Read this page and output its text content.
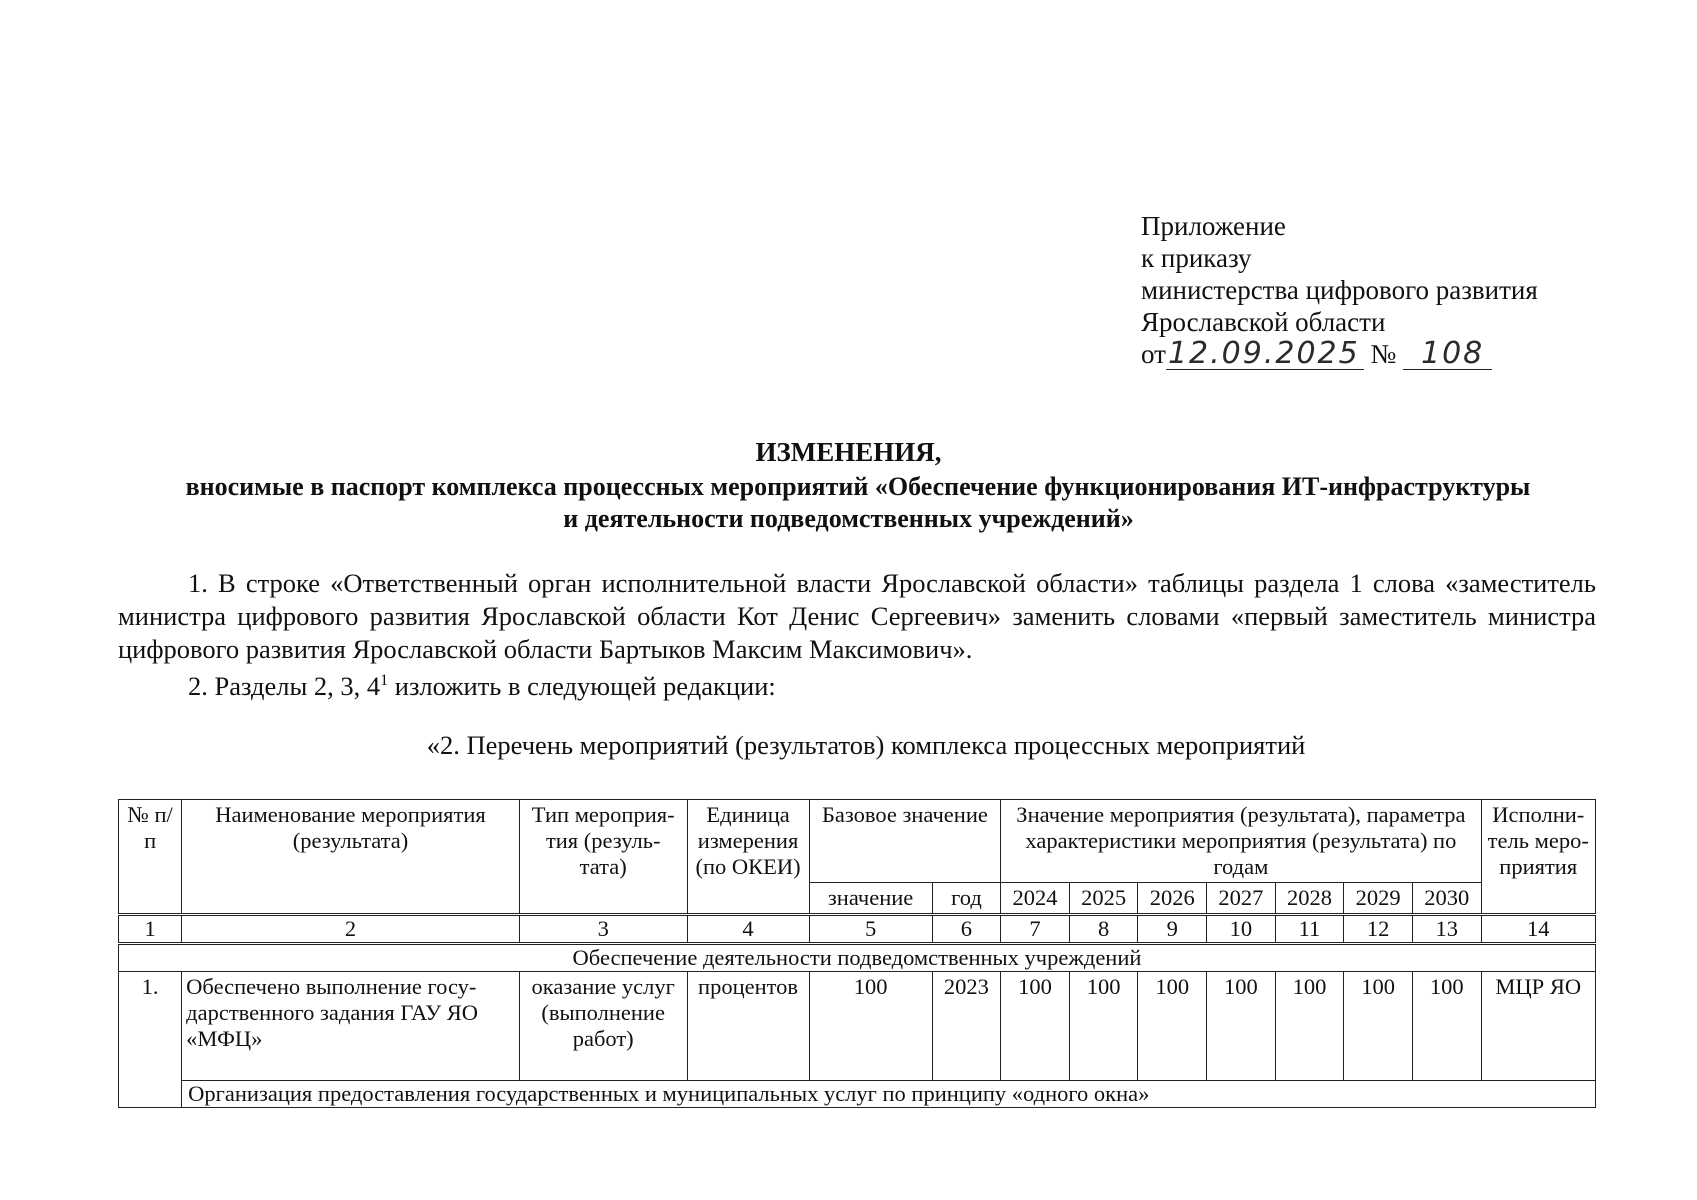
Приложение
к приказу
министерства цифрового развития
Ярославской области
от12.09.2025 № 108
ИЗМЕНЕНИЯ,
вносимые в паспорт комплекса процессных мероприятий «Обеспечение функционирования ИТ-инфраструктуры
и деятельности подведомственных учреждений»
1. В строке «Ответственный орган исполнительной власти Ярославской области» таблицы раздела 1 слова «заместитель министра цифрового развития Ярославской области Кот Денис Сергеевич» заменить словами «первый заместитель министра цифрового развития Ярославской области Бартыков Максим Максимович».
2. Разделы 2, 3, $4^1$ изложить в следующей редакции:
«2. Перечень мероприятий (результатов) комплекса процессных мероприятий
№ п/п	Наименование мероприятия (результата)	Тип мероприя-тия (резуль-тата)	Единица измерения (по ОКЕИ)	Базовое значение		Значение мероприятия (результата), параметра характеристики мероприятия (результата) по годам							Исполни-тель меро-приятия
				значение	год	2024	2025	2026	2027	2028	2029	2030	
1	2	3	4	5	6	7	8	9	10	11	12	13	14
Обеспечение деятельности подведомственных учреждений													
1.	Обеспечено выполнение госу-дарственного задания ГАУ ЯО «МФЦ»	оказание услуг (выполнение работ)	процентов	100	2023	100	100	100	100	100	100	100	МЦР ЯО
	Организация предоставления государственных и муниципальных услуг по принципу «одного окна»												
